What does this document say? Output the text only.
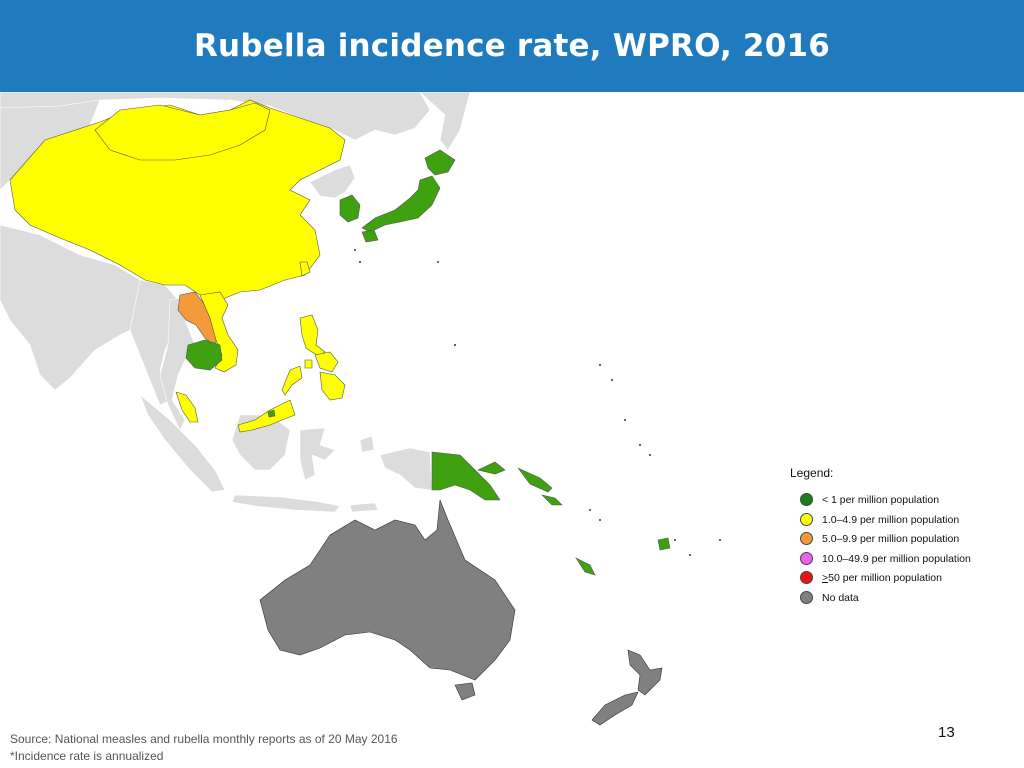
Rubella incidence rate, WPRO, 2016
Legend:
< 1 per million population
1.0–4.9 per million population
5.0–9.9 per million population
10.0–49.9 per million population
>50 per million population
No data
13
Source: National measles and rubella monthly reports as of 20 May 2016
*Incidence rate is annualized
